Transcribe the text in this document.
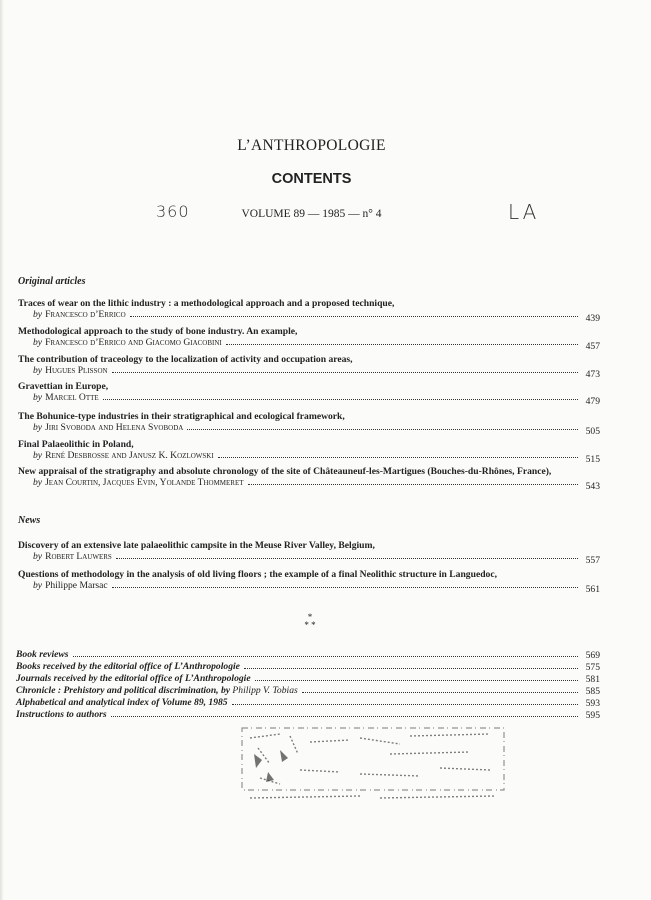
L’ANTHROPOLOGIE
CONTENTS
360	VOLUME 89 — 1985 — n° 4	LA
Original articles
Traces of wear on the lithic industry : a methodological approach and a proposed technique,
by Francesco d’Errico	439
Methodological approach to the study of bone industry. An example,
by Francesco d’Errico and Giacomo Giacobini	457
The contribution of traceology to the localization of activity and occupation areas,
by Hugues Plisson	473
Gravettian in Europe,
by Marcel Otte	479
The Bohunice-type industries in their stratigraphical and ecological framework,
by Jiri Svoboda and Helena Svoboda	505
Final Palaeolithic in Poland,
by René Desbrosse and Janusz K. Kozlowski	515
New appraisal of the stratigraphy and absolute chronology of the site of Châteauneuf-les-Martigues (Bouches-du-Rhônes, France),
by Jean Courtin, Jacques Evin, Yolande Thommeret	543
News
Discovery of an extensive late palaeolithic campsite in the Meuse River Valley, Belgium,
by Robert Lauwers	557
Questions of methodology in the analysis of old living floors ; the example of a final Neolithic structure in Languedoc,
by Philippe Marsac	561
*
* *
Book reviews	569
Books received by the editorial office of L’Anthropologie	575
Journals received by the editorial office of L’Anthropologie	581
Chronicle : Prehistory and political discrimination, by Philipp V. Tobias	585
Alphabetical and analytical index of Volume 89, 1985	593
Instructions to authors	595
